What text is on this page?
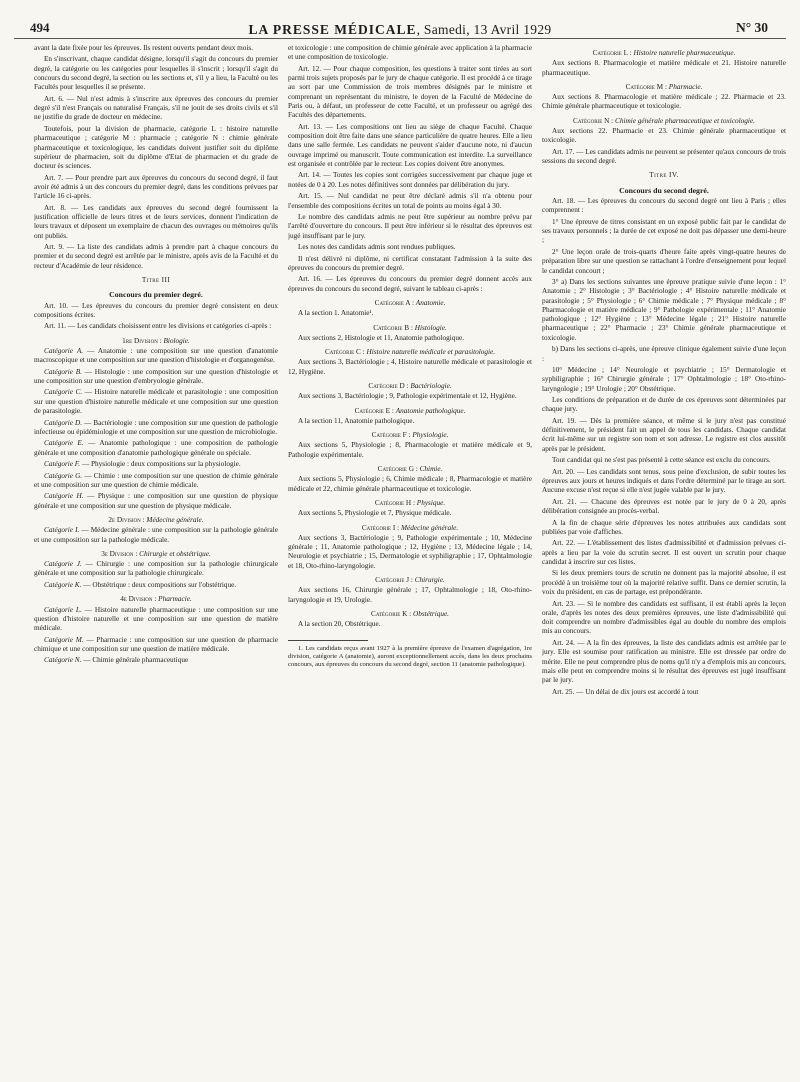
494	LA PRESSE MÉDICALE, Samedi, 13 Avril 1929	N° 30

avant la date fixée pour les épreuves. Ils restent ouverts pendant deux mois.

En s'inscrivant, chaque candidat désigne, lorsqu'il s'agit du concours du premier degré, la catégorie ou les catégories pour lesquelles il s'inscrit ; lorsqu'il s'agit du concours du second degré, la section ou les sections et, s'il y a lieu, la Faculté ou les Facultés pour lesquelles il se présente.

Art. 6. — Nul n'est admis à s'inscrire aux épreuves des concours du premier degré s'il n'est Français ou naturalisé Français, s'il ne jouit de ses droits civils et s'il ne justifie du grade de docteur en médecine.

Toutefois, pour la division de pharmacie, catégorie L : histoire naturelle pharmaceutique ; catégorie M : pharmacie ; catégorie N : chimie générale pharmaceutique et toxicologique, les candidats doivent justifier soit du diplôme supérieur de pharmacien, soit du diplôme d'Etat de pharmacien et du grade de docteur ès sciences.

Art. 7. — Pour prendre part aux épreuves du concours du second degré, il faut avoir été admis à un des concours du premier degré, dans les conditions prévues par l'article 16 ci-après.

Art. 8. — Les candidats aux épreuves du second degré fournissent la justification officielle de leurs titres et de leurs services, donnent l'indication de leurs travaux et déposent un exemplaire de chacun des ouvrages ou mémoires qu'ils ont publiés.

Art. 9. — La liste des candidats admis à prendre part à chaque concours du premier et du second degré est arrêtée par le ministre, après avis de la Faculté et du recteur d'Académie de leur résidence.

Titre III
Concours du premier degré.

Art. 10. — Les épreuves du concours du premier degré consistent en deux compositions écrites.

Art. 11. — Les candidats choisissent entre les divisions et catégories ci-après :

1re Division : Biologie.

Catégorie A. — Anatomie : une composition sur une question d'anatomie macroscopique et une composition sur une question d'histologie et d'organogenèse.

Catégorie B. — Histologie : une composition sur une question d'histologie et une composition sur une question d'embryologie générale.

Catégorie C. — Histoire naturelle médicale et parasitologie : une composition sur une question d'histoire naturelle médicale et une composition sur une question de parasitologie.

Catégorie D. — Bactériologie : une composition sur une question de pathologie infectieuse ou épidémiologie et une composition sur une question de microbiologie.

Catégorie E. — Anatomie pathologique : une composition de pathologie générale et une composition d'anatomie pathologique générale ou spéciale.

Catégorie F. — Physiologie : deux compositions sur la physiologie.

Catégorie G. — Chimie : une composition sur une question de chimie générale et une composition sur une question de chimie médicale.

Catégorie H. — Physique : une composition sur une question de physique générale et une composition sur une question de physique médicale.

2e Division : Médecine générale.

Catégorie I. — Médecine générale : une composition sur la pathologie générale et une composition sur la pathologie médicale.

3e Division : Chirurgie et obstétrique.

Catégorie J. — Chirurgie : une composition sur la pathologie chirurgicale générale et une composition sur la pathologie chirurgicale.

Catégorie K. — Obstétrique : deux compositions sur l'obstétrique.

4e Division : Pharmacie.

Catégorie L. — Histoire naturelle pharmaceutique : une composition sur une question d'histoire naturelle et une composition sur une question de matière médicale.

Catégorie M. — Pharmacie : une composition sur une question de pharmacie chimique et une composition sur une question de matière médicale.

Catégorie N. — Chimie générale pharmaceutique

et toxicologie : une composition de chimie générale avec application à la pharmacie et une composition de toxicologie.

Art. 12. — Pour chaque composition, les questions à traiter sont tirées au sort parmi trois sujets proposés par le jury de chaque catégorie. Il est procédé à ce tirage au sort par une Commission de trois membres désignés par le ministre et comprenant un représentant du ministre, le doyen de la Faculté de Médecine de Paris ou, à défaut, un professeur de cette Faculté, et un professeur ou agrégé des Facultés des départements.

Art. 13. — Les compositions ont lieu au siège de chaque Faculté. Chaque composition doit être faite dans une séance particulière de quatre heures. Elle a lieu dans une salle fermée. Les candidats ne peuvent s'aider d'aucune note, ni d'aucun ouvrage imprimé ou manuscrit. Toute communication est interdite. La surveillance est organisée et contrôlée par le recteur. Les copies doivent être anonymes.

Art. 14. — Toutes les copies sont corrigées successivement par chaque juge et notées de 0 à 20. Les notes définitives sont données par délibération du jury.

Art. 15. — Nul candidat ne peut être déclaré admis s'il n'a obtenu pour l'ensemble des compositions écrites un total de points au moins égal à 30.

Le nombre des candidats admis ne peut être supérieur au nombre prévu par l'arrêté d'ouverture du concours. Il peut être inférieur si le résultat des épreuves est jugé insuffisant par le jury.

Les notes des candidats admis sont rendues publiques.

Il n'est délivré ni diplôme, ni certificat constatant l'admission à la suite des épreuves du concours du premier degré.

Art. 16. — Les épreuves du concours du premier degré donnent accès aux épreuves du concours du second degré, suivant le tableau ci-après :

Catégorie A : Anatomie.

A la section 1. Anatomie¹.

Catégorie B : Histologie.

Aux sections 2, Histologie et 11, Anatomie pathologique.

Catégorie C : Histoire naturelle médicale et parasitologie.

Aux sections 3, Bactériologie ; 4, Histoire naturelle médicale et parasitologie et 12, Hygiène.

Catégorie D : Bactériologie.

Aux sections 3, Bactériologie ; 9, Pathologie expérimentale et 12, Hygiène.

Catégorie E : Anatomie pathologique.

A la section 11, Anatomie pathologique.

Catégorie F : Physiologie.

Aux sections 5, Physiologie ; 8, Pharmacologie et matière médicale et 9, Pathologie expérimentale.

Catégorie G : Chimie.

Aux sections 5, Physiologie ; 6, Chimie médicale ; 8, Pharmacologie et matière médicale et 22, chimie générale pharmaceutique et toxicologie.

Catégorie H : Physique.

Aux sections 5, Physiologie et 7, Physique médicale.

Catégorie I : Médecine générale.

Aux sections 3, Bactériologie ; 9, Pathologie expérimentale ; 10, Médecine générale ; 11, Anatomie pathologique ; 12, Hygiène ; 13, Médecine légale ; 14, Neurologie et psychiatrie ; 15, Dermatologie et syphiligraphie ; 17, Ophtalmologie et 18, Oto-rhino-laryngologie.

Catégorie J : Chirurgie.

Aux sections 16, Chirurgie générale ; 17, Ophtalmologie ; 18, Oto-rhino-laryngologie et 19, Urologie.

Catégorie K : Obstétrique.

A la section 20, Obstétrique.

1. Les candidats reçus avant 1927 à la première épreuve de l'examen d'agrégation, 1re division, catégorie A (anatomie), auront exceptionnellement accès, dans les deux prochains concours, aux épreuves du concours du second degré, section 11 (anatomie pathologique).

Catégorie L : Histoire naturelle pharmaceutique.

Aux sections 8. Pharmacologie et matière médicale et 21. Histoire naturelle pharmaceutique.

Catégorie M : Pharmacie.

Aux sections 8. Pharmacologie et matière médicale ; 22. Pharmacie et 23. Chimie générale pharmaceutique et toxicologie.

Catégorie N : Chimie générale pharmaceutique et toxicologie.

Aux sections 22. Pharmacie et 23. Chimie générale pharmaceutique et toxicologie.

Art. 17. — Les candidats admis ne peuvent se présenter qu'aux concours de trois sessions du second degré.

Titre IV.
Concours du second degré.

Art. 18. — Les épreuves du concours du second degré ont lieu à Paris ; elles comprennent :

1° Une épreuve de titres consistant en un exposé public fait par le candidat de ses travaux personnels ; la durée de cet exposé ne doit pas dépasser une demi-heure ;

2° Une leçon orale de trois-quarts d'heure faite après vingt-quatre heures de préparation libre sur une question se rattachant à l'ordre d'enseignement pour lequel le candidat concourt ;

3° a) Dans les sections suivantes une épreuve pratique suivie d'une leçon : 1° Anatomie ; 2° Histologie ; 3° Bactériologie ; 4° Histoire naturelle médicale et parasitologie ; 5° Physiologie ; 6° Chimie médicale ; 7° Physique médicale ; 8° Pharmacologie et matière médicale ; 9° Pathologie expérimentale ; 11° Anatomie pathologique ; 12° Hygiène ; 13° Médecine légale ; 21° Histoire naturelle pharmaceutique ; 22° Pharmacie ; 23° Chimie générale pharmaceutique et toxicologie.

b) Dans les sections ci-après, une épreuve clinique également suivie d'une leçon :

10° Médecine ; 14° Neurologie et psychiatrie ; 15° Dermatologie et syphiligraphie ; 16° Chirurgie générale ; 17° Ophtalmologie ; 18° Oto-rhino-laryngologie ; 19° Urologie ; 20° Obstétrique.

Les conditions de préparation et de durée de ces épreuves sont déterminées par chaque jury.

Art. 19. — Dès la première séance, et même si le jury n'est pas constitué définitivement, le président fait un appel de tous les candidats. Chaque candidat écrit lui-même sur un registre son nom et son adresse. Le registre est clos aussitôt après par le président.

Tout candidat qui ne s'est pas présenté à cette séance est exclu du concours.

Art. 20. — Les candidats sont tenus, sous peine d'exclusion, de subir toutes les épreuves aux jours et heures indiqués et dans l'ordre déterminé par le tirage au sort. Aucune excuse n'est reçue si elle n'est jugée valable par le jury.

Art. 21. — Chacune des épreuves est notée par le jury de 0 à 20, après délibération consignée au procès-verbal.

A la fin de chaque série d'épreuves les notes attribuées aux candidats sont publiées par voie d'affiches.

Art. 22. — L'établissement des listes d'admissibilité et d'admission prévues ci-après a lieu par la voie du scrutin secret. Il est ouvert un scrutin pour chaque candidat à inscrire sur ces listes.

Si les deux premiers tours de scrutin ne donnent pas la majorité absolue, il est procédé à un troisième tour où la majorité relative suffit. Dans ce dernier scrutin, la voix du président, en cas de partage, est prépondérante.

Art. 23. — Si le nombre des candidats est suffisant, il est établi après la leçon orale, d'après les notes des deux premières épreuves, une liste d'admissibilité qui doit comprendre un nombre d'admissibles égal au double du nombre des emplois mis au concours.

Art. 24. — A la fin des épreuves, la liste des candidats admis est arrêtée par le jury. Elle est soumise pour ratification au ministre. Elle est dressée par ordre de mérite. Elle ne peut comprendre plus de noms qu'il n'y a d'emplois mis au concours, mais elle peut en comprendre moins si le résultat des épreuves est jugé insuffisant par le jury.

Art. 25. — Un délai de dix jours est accordé à tout
